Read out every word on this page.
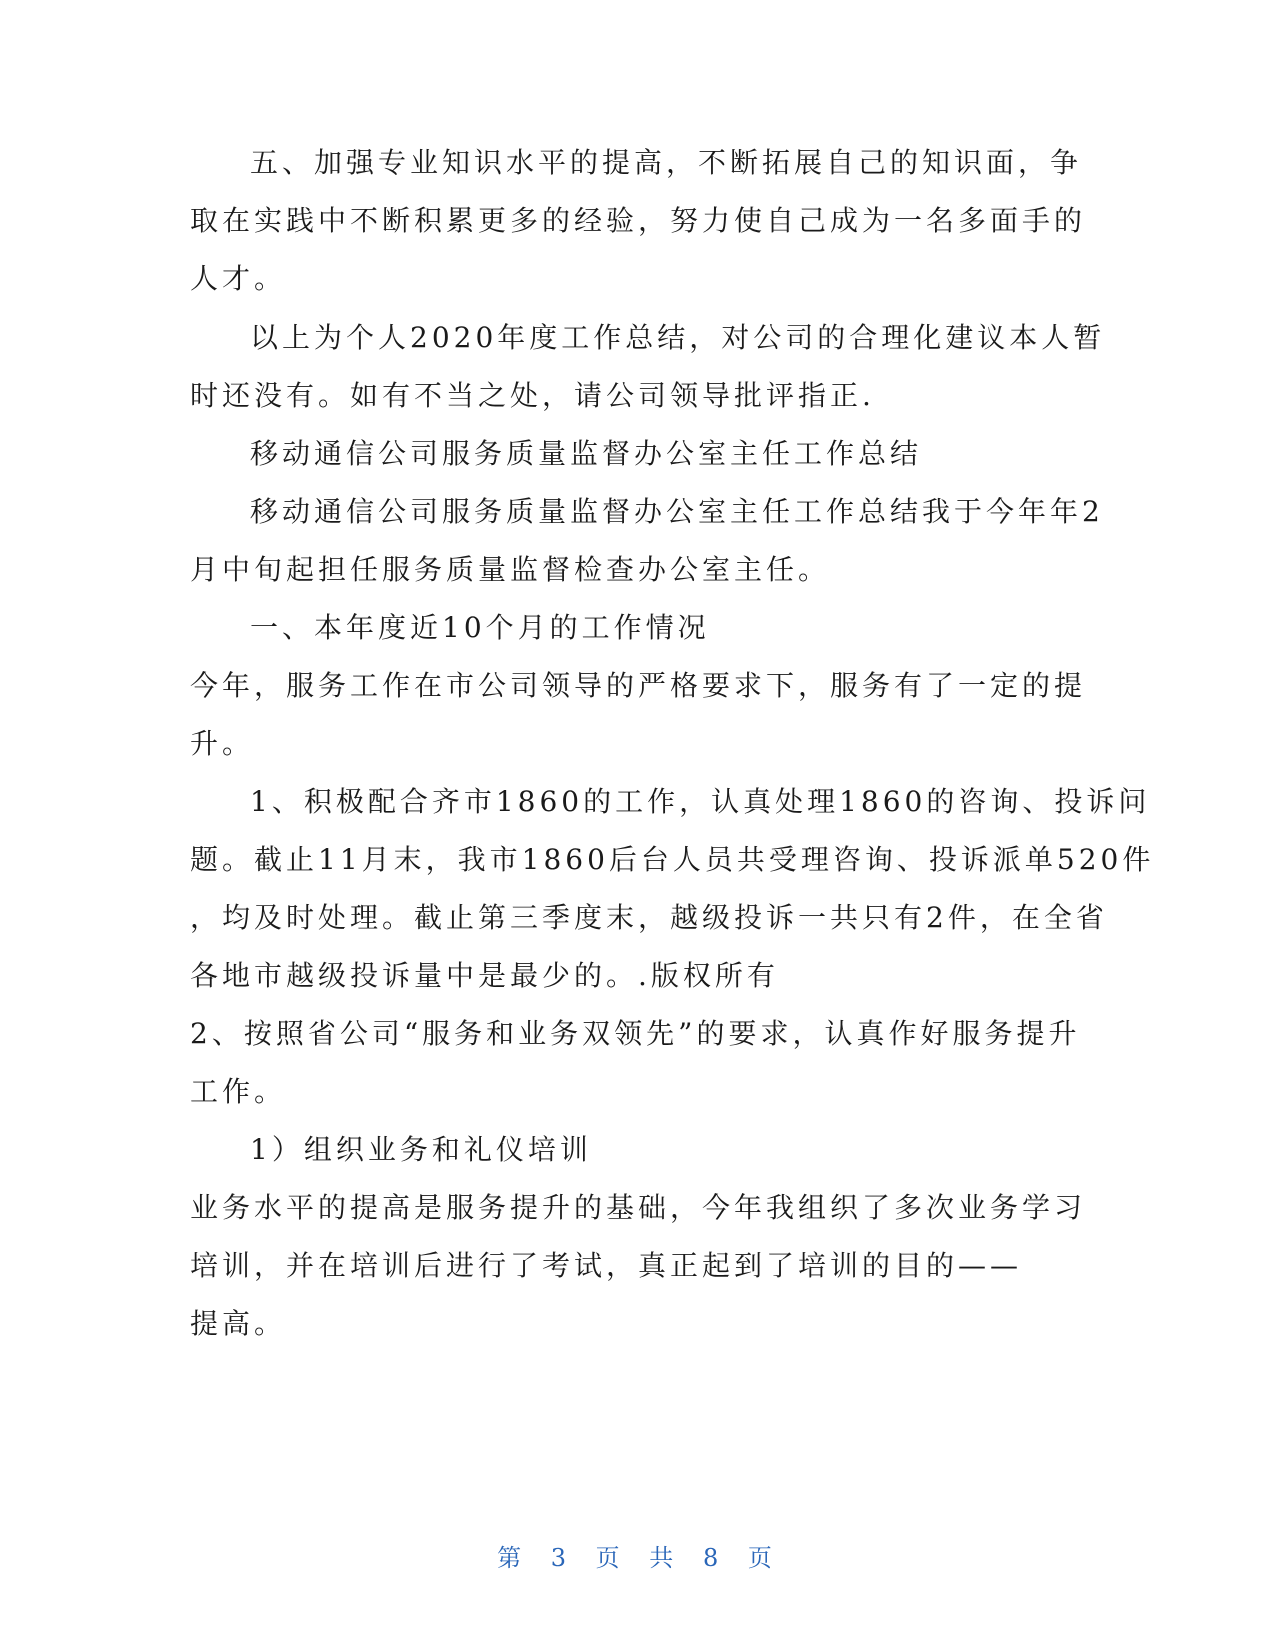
五、加强专业知识水平的提高，不断拓展自己的知识面，争
取在实践中不断积累更多的经验，努力使自己成为一名多面手的
人才。
以上为个人2020年度工作总结，对公司的合理化建议本人暂
时还没有。如有不当之处，请公司领导批评指正.
移动通信公司服务质量监督办公室主任工作总结
移动通信公司服务质量监督办公室主任工作总结我于今年年2
月中旬起担任服务质量监督检查办公室主任。
一、本年度近10个月的工作情况
今年，服务工作在市公司领导的严格要求下，服务有了一定的提
升。
1、积极配合齐市1860的工作，认真处理1860的咨询、投诉问
题。截止11月末，我市1860后台人员共受理咨询、投诉派单520件
，均及时处理。截止第三季度末，越级投诉一共只有2件，在全省
各地市越级投诉量中是最少的。.版权所有
2、按照省公司“服务和业务双领先”的要求，认真作好服务提升
工作。
1）组织业务和礼仪培训
业务水平的提高是服务提升的基础，今年我组织了多次业务学习
培训，并在培训后进行了考试，真正起到了培训的目的——
提高。
第 3 页 共 8 页
